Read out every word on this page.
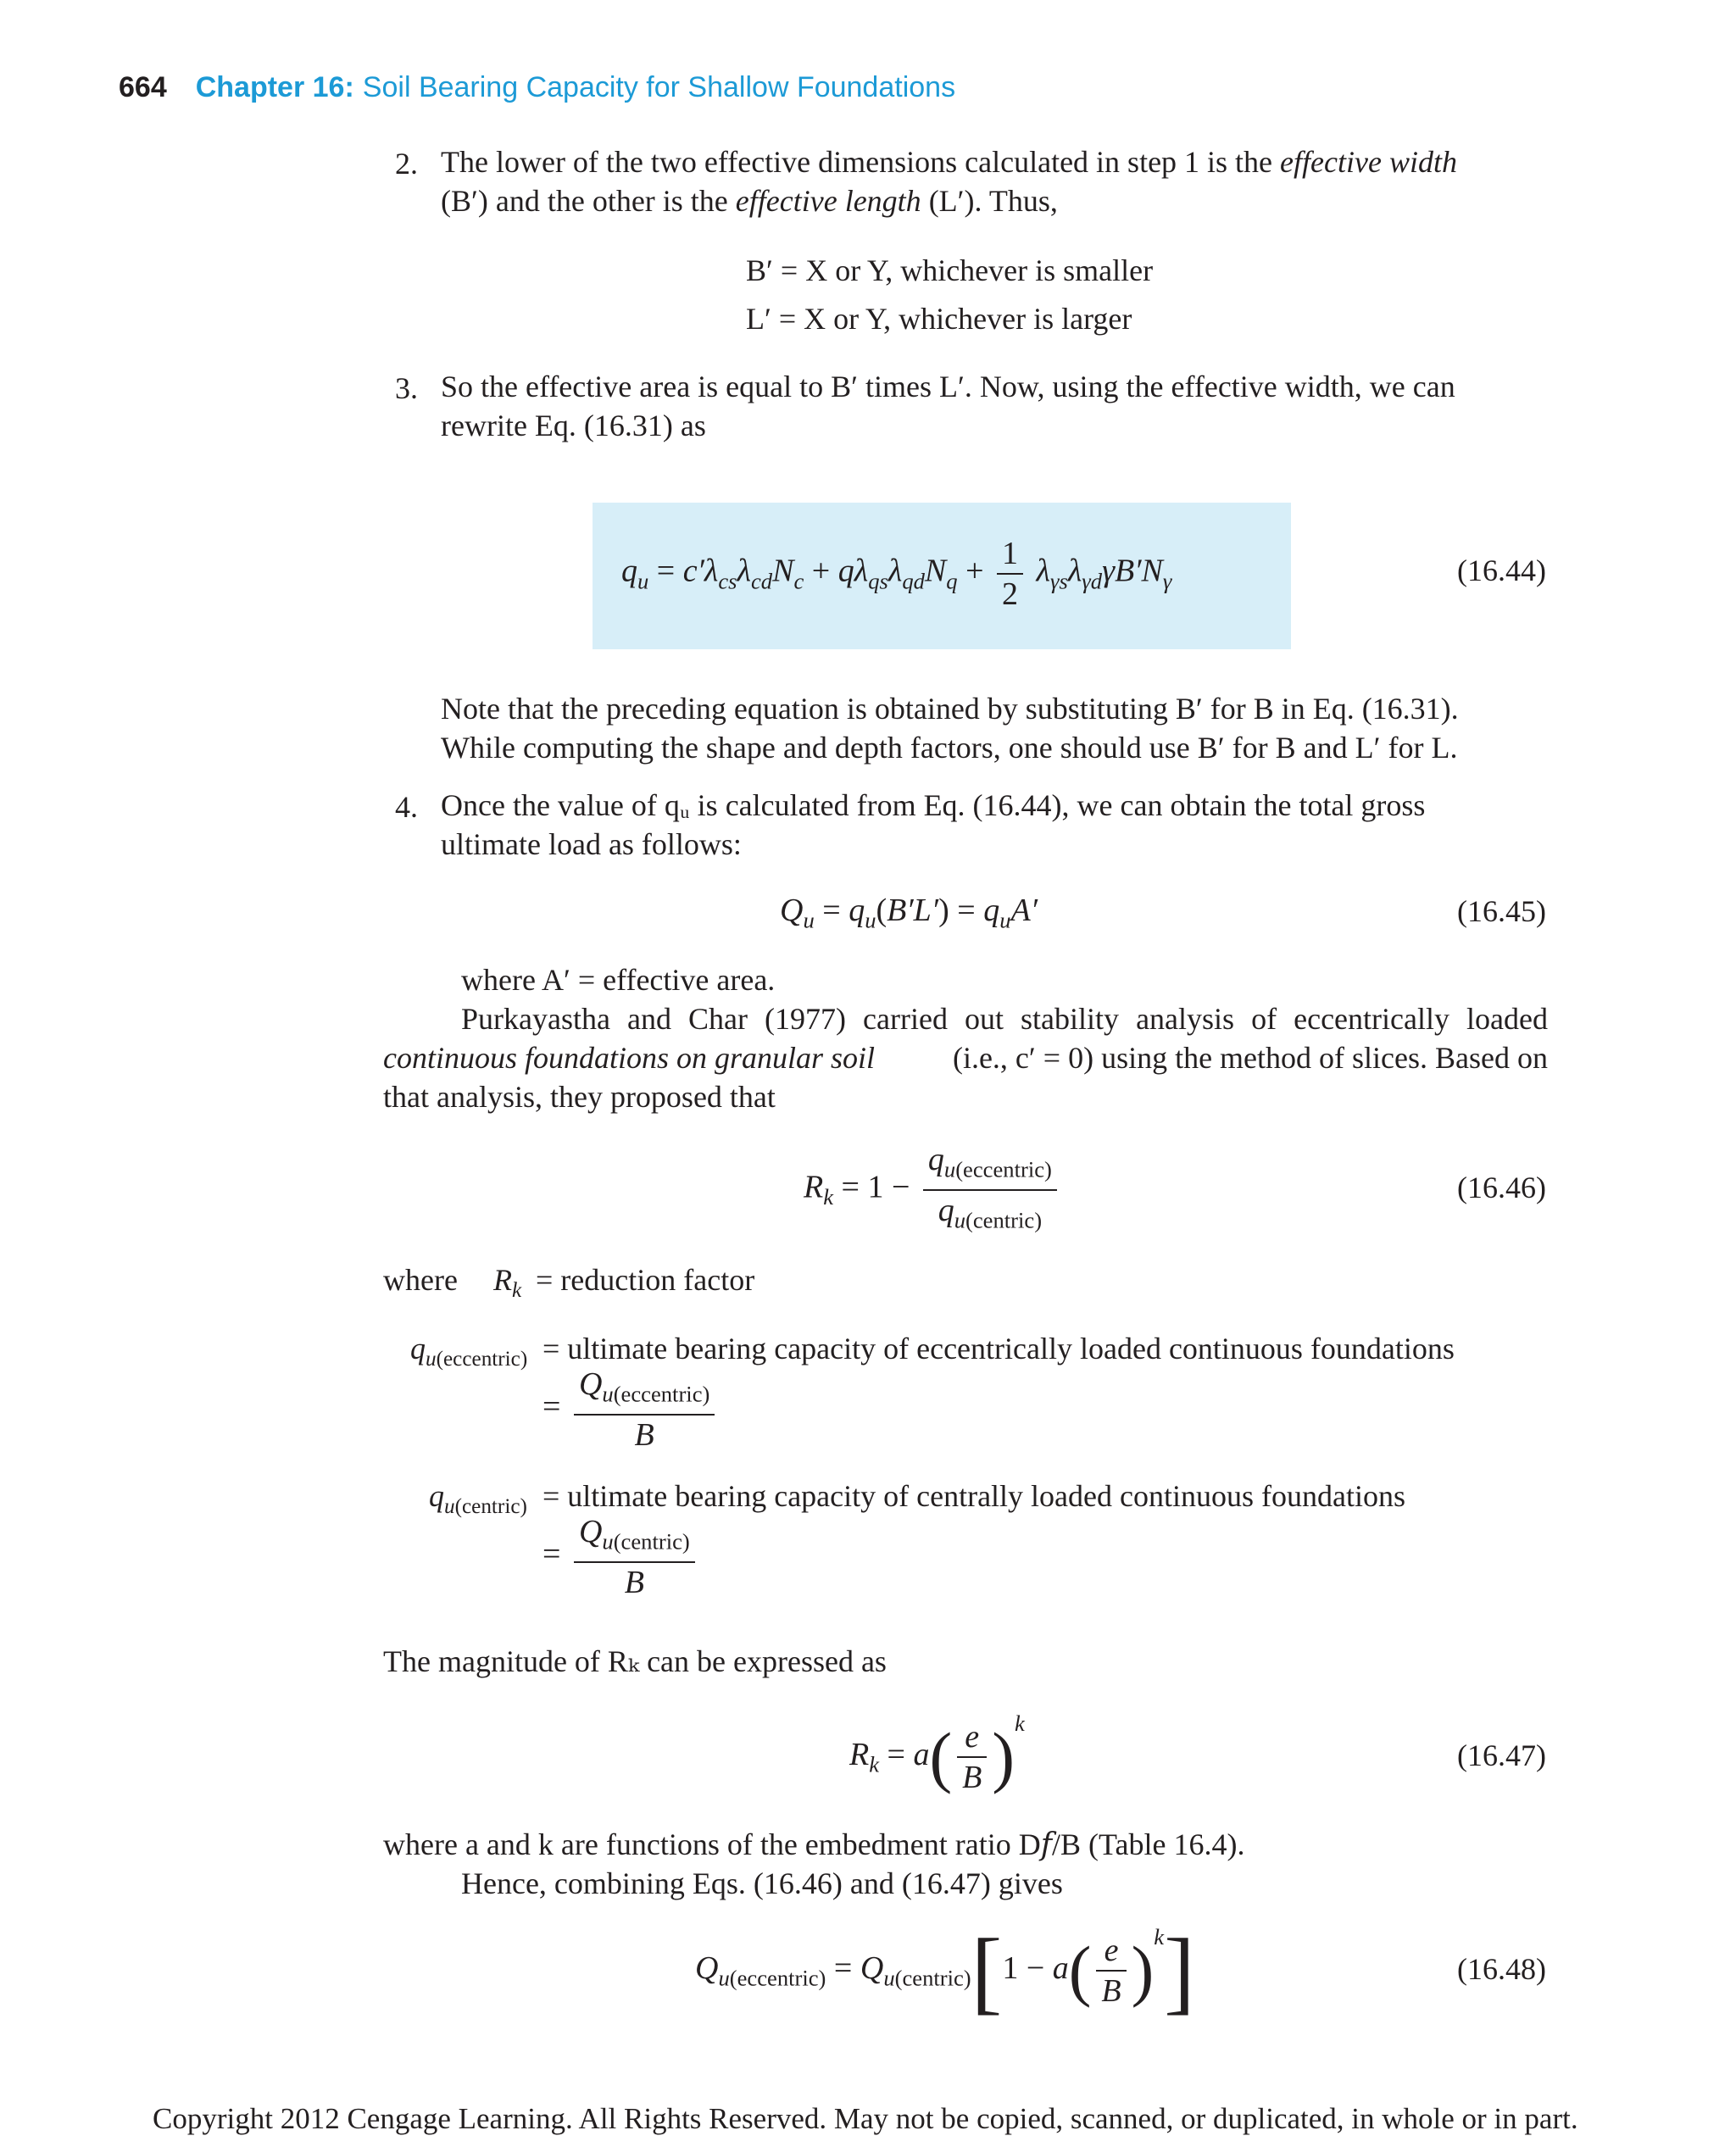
664 Chapter 16: Soil Bearing Capacity for Shallow Foundations
2. The lower of the two effective dimensions calculated in step 1 is the effective width
(B′) and the other is the effective length (L′). Thus,
B′ = X or Y, whichever is smaller
L′ = X or Y, whichever is larger
3. So the effective area is equal to B′ times L′. Now, using the effective width, we can
rewrite Eq. (16.31) as
$q_u = c'\lambda_{cs}\lambda_{cd}N_c + q\lambda_{qs}\lambda_{qd}N_q + \frac{1}{2} \lambda_{\gamma s}\lambda_{\gamma d}\gamma B'N_\gamma$	(16.44)
Note that the preceding equation is obtained by substituting B′ for B in Eq. (16.31).
While computing the shape and depth factors, one should use B′ for B and L′ for L.
4. Once the value of qᵤ is calculated from Eq. (16.44), we can obtain the total gross
ultimate load as follows:
$Q_u = q_u(B'L') = q_uA'$	(16.45)
where A′ = effective area.
Purkayastha and Char (1977) carried out stability analysis of eccentrically loaded
continuous foundations on granular soil	(i.e., c′ = 0) using the method of slices. Based on
that analysis, they proposed that
$R_k = 1 - \frac{q_{u(eccentric)}}{q_{u(centric)}}$	(16.46)
where $R_k$ = reduction factor
$q_{u(eccentric)}$ = ultimate bearing capacity of eccentrically loaded continuous foundations
= $\frac{Q_{u(eccentric)}}{B}$
$q_{u(centric)}$ = ultimate bearing capacity of centrally loaded continuous foundations
= $\frac{Q_{u(centric)}}{B}$
The magnitude of Rₖ can be expressed as
$R_k = a( \frac{e}{B} )^k$
(16.47)
where a and k are functions of the embedment ratio D𝑓/B (Table 16.4).
Hence, combining Eqs. (16.46) and (16.47) gives
$Q_{u(eccentric)} = Q_{u(centric)}[1 - a( \frac{e}{B} )^k]$	(16.48)
Copyright 2012 Cengage Learning. All Rights Reserved. May not be copied, scanned, or duplicated, in whole or in part.
